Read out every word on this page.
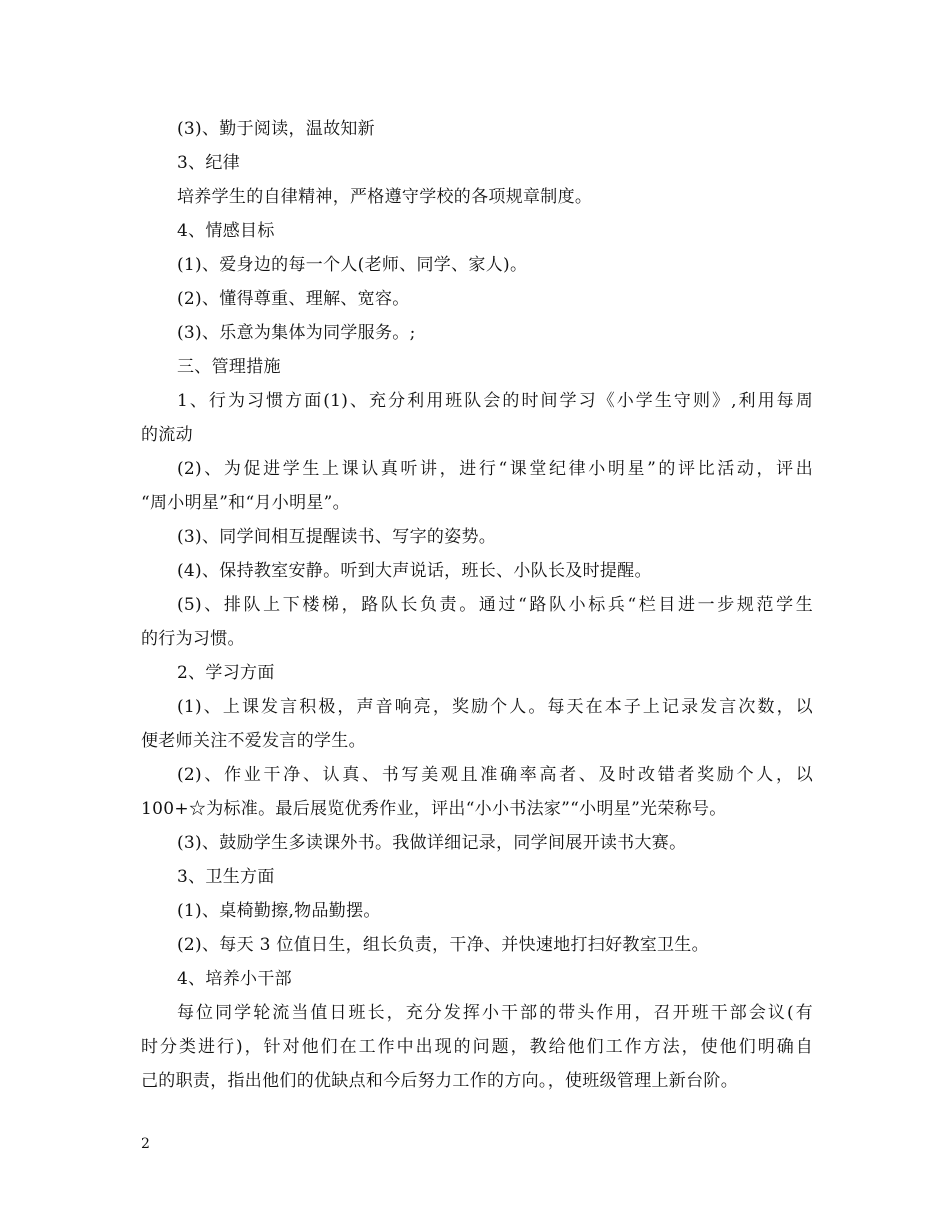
(3)、勤于阅读，温故知新
3、纪律
培养学生的自律精神，严格遵守学校的各项规章制度。
4、情感目标
(1)、爱身边的每一个人(老师、同学、家人)。
(2)、懂得尊重、理解、宽容。
(3)、乐意为集体为同学服务。;
三、管理措施
1、行为习惯方面(1)、充分利用班队会的时间学习《小学生守则》,利用每周
的流动
(2)、为促进学生上课认真听讲，进行“课堂纪律小明星”的评比活动，评出
“周小明星”和“月小明星”。
(3)、同学间相互提醒读书、写字的姿势。
(4)、保持教室安静。听到大声说话，班长、小队长及时提醒。
(5)、排队上下楼梯，路队长负责。通过“路队小标兵“栏目进一步规范学生
的行为习惯。
2、学习方面
(1)、上课发言积极，声音响亮，奖励个人。每天在本子上记录发言次数，以
便老师关注不爱发言的学生。
(2)、作业干净、认真、书写美观且准确率高者、及时改错者奖励个人，以
100+☆为标准。最后展览优秀作业，评出“小小书法家”“小明星”光荣称号。
(3)、鼓励学生多读课外书。我做详细记录，同学间展开读书大赛。
3、卫生方面
(1)、桌椅勤擦,物品勤摆。
(2)、每天 3 位值日生，组长负责，干净、并快速地打扫好教室卫生。
4、培养小干部
每位同学轮流当值日班长，充分发挥小干部的带头作用，召开班干部会议(有
时分类进行)，针对他们在工作中出现的问题，教给他们工作方法，使他们明确自
己的职责，指出他们的优缺点和今后努力工作的方向。，使班级管理上新台阶。
2
